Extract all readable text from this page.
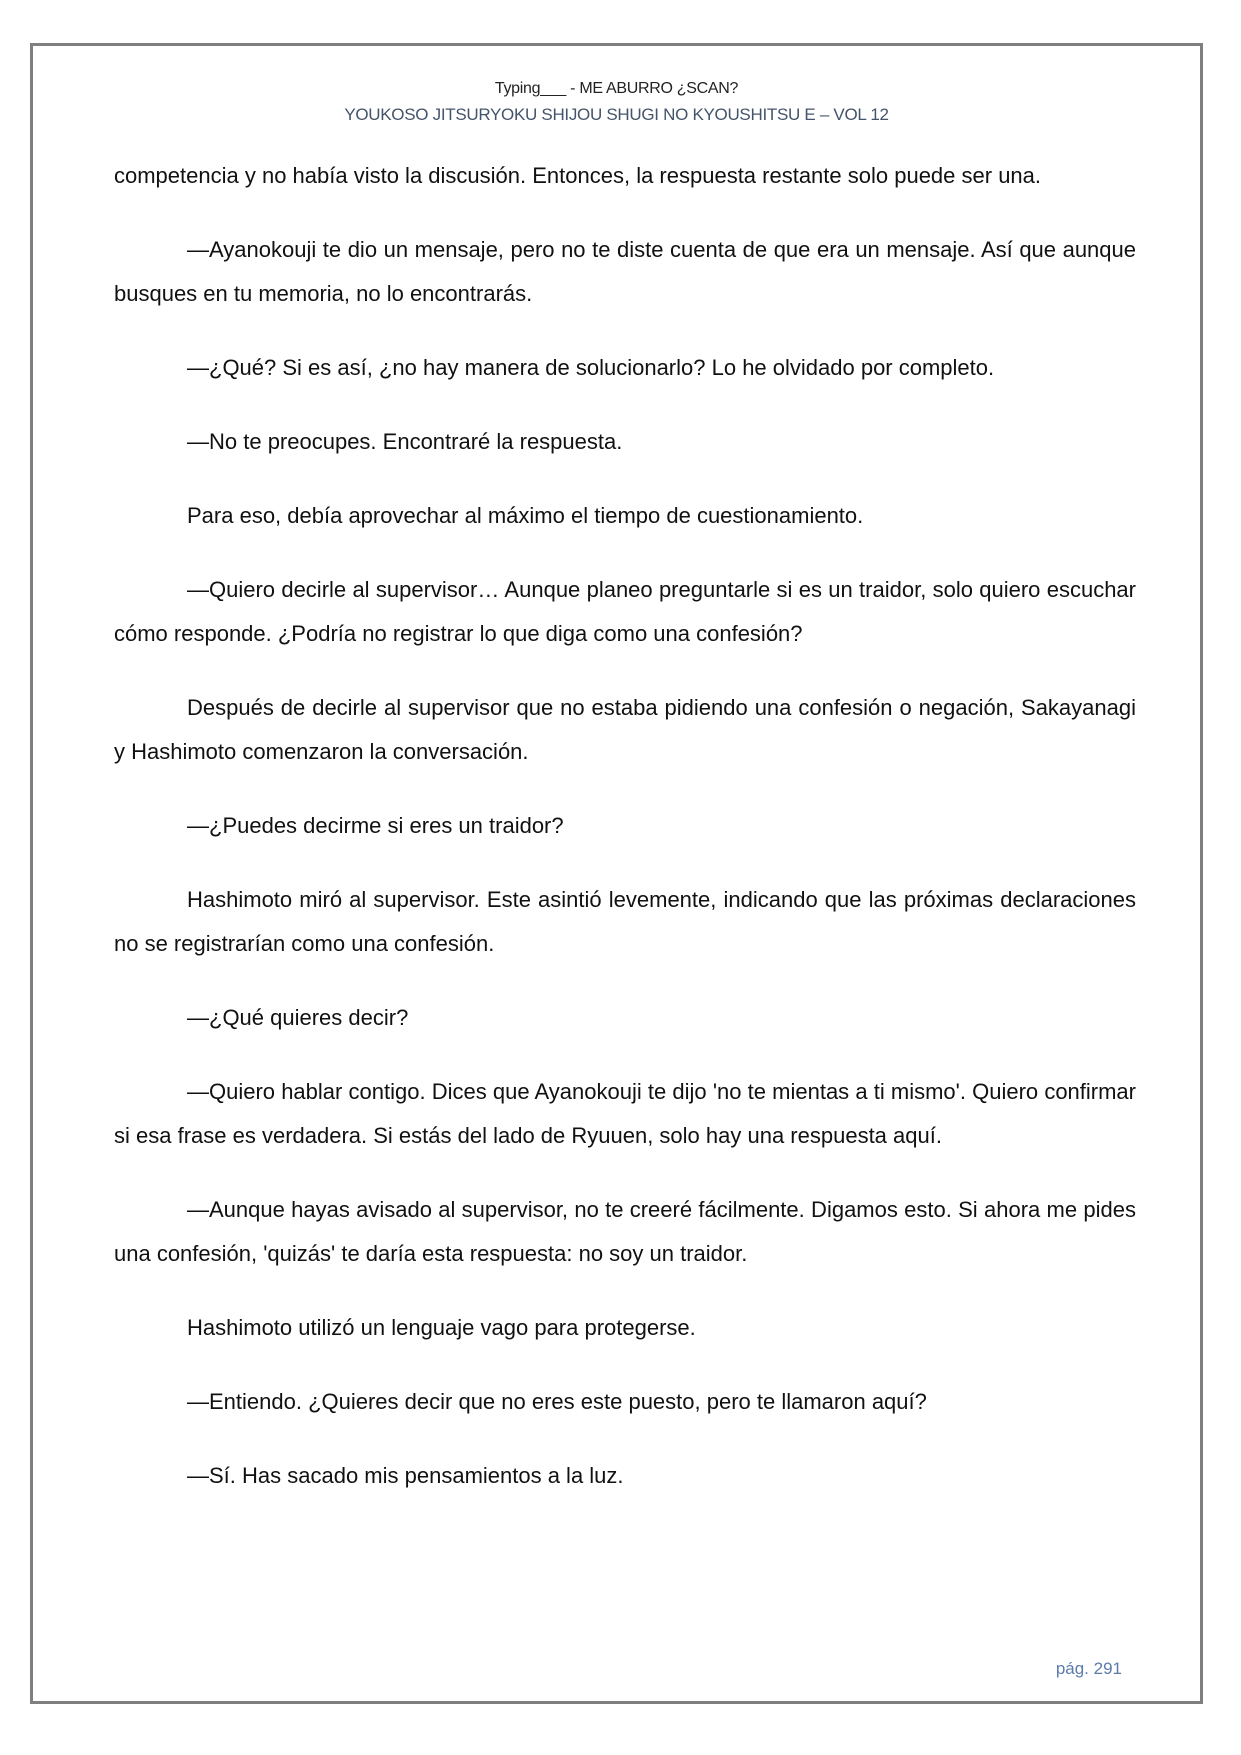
Typing___ - ME ABURRO ¿SCAN?
YOUKOSO JITSURYOKU SHIJOU SHUGI NO KYOUSHITSU E – VOL 12

competencia y no había visto la discusión. Entonces, la respuesta restante solo puede ser una.

—Ayanokouji te dio un mensaje, pero no te diste cuenta de que era un mensaje. Así que aunque busques en tu memoria, no lo encontrarás.

—¿Qué? Si es así, ¿no hay manera de solucionarlo? Lo he olvidado por completo.

—No te preocupes. Encontraré la respuesta.

Para eso, debía aprovechar al máximo el tiempo de cuestionamiento.

—Quiero decirle al supervisor… Aunque planeo preguntarle si es un traidor, solo quiero escuchar cómo responde. ¿Podría no registrar lo que diga como una confesión?

Después de decirle al supervisor que no estaba pidiendo una confesión o negación, Sakayanagi y Hashimoto comenzaron la conversación.

—¿Puedes decirme si eres un traidor?

Hashimoto miró al supervisor. Este asintió levemente, indicando que las próximas declaraciones no se registrarían como una confesión.

—¿Qué quieres decir?

—Quiero hablar contigo. Dices que Ayanokouji te dijo 'no te mientas a ti mismo'. Quiero confirmar si esa frase es verdadera. Si estás del lado de Ryuuen, solo hay una respuesta aquí.

—Aunque hayas avisado al supervisor, no te creeré fácilmente. Digamos esto. Si ahora me pides una confesión, 'quizás' te daría esta respuesta: no soy un traidor.

Hashimoto utilizó un lenguaje vago para protegerse.

—Entiendo. ¿Quieres decir que no eres este puesto, pero te llamaron aquí?

—Sí. Has sacado mis pensamientos a la luz.

pág. 291
